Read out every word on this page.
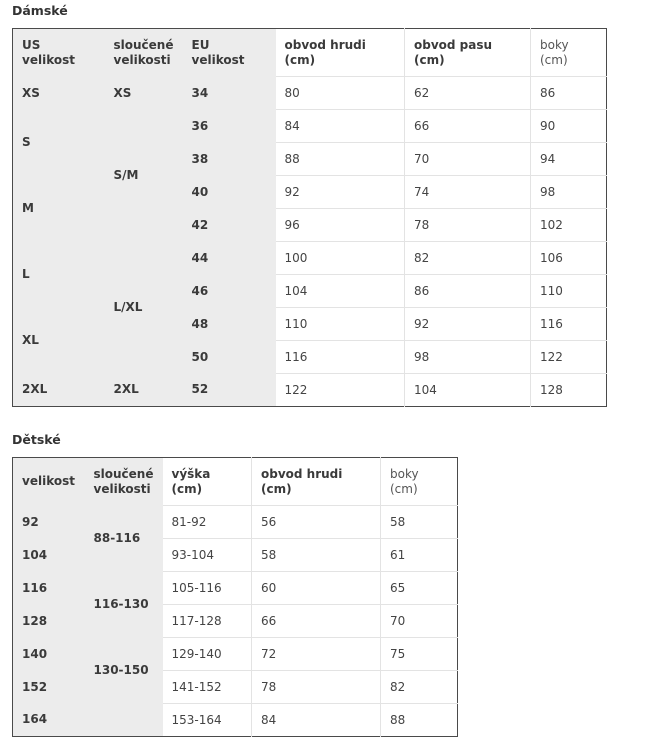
Dámské
US velikost	sloučené velikosti	EU velikost	obvod hrudi (cm)	obvod pasu (cm)	boky (cm)
XS	XS	34	80	62	86
S	S/M	36	84	66	90
		38	88	70	94
M		40	92	74	98
		42	96	78	102
L	L/XL	44	100	82	106
		46	104	86	110
XL		48	110	92	116
		50	116	98	122
2XL	2XL	52	122	104	128
Dětské
velikost	sloučené velikosti	výška (cm)	obvod hrudi (cm)	boky (cm)
92	88-116	81-92	56	58
104		93-104	58	61
116	116-130	105-116	60	65
128		117-128	66	70
140	130-150	129-140	72	75
152		141-152	78	82
164		153-164	84	88
